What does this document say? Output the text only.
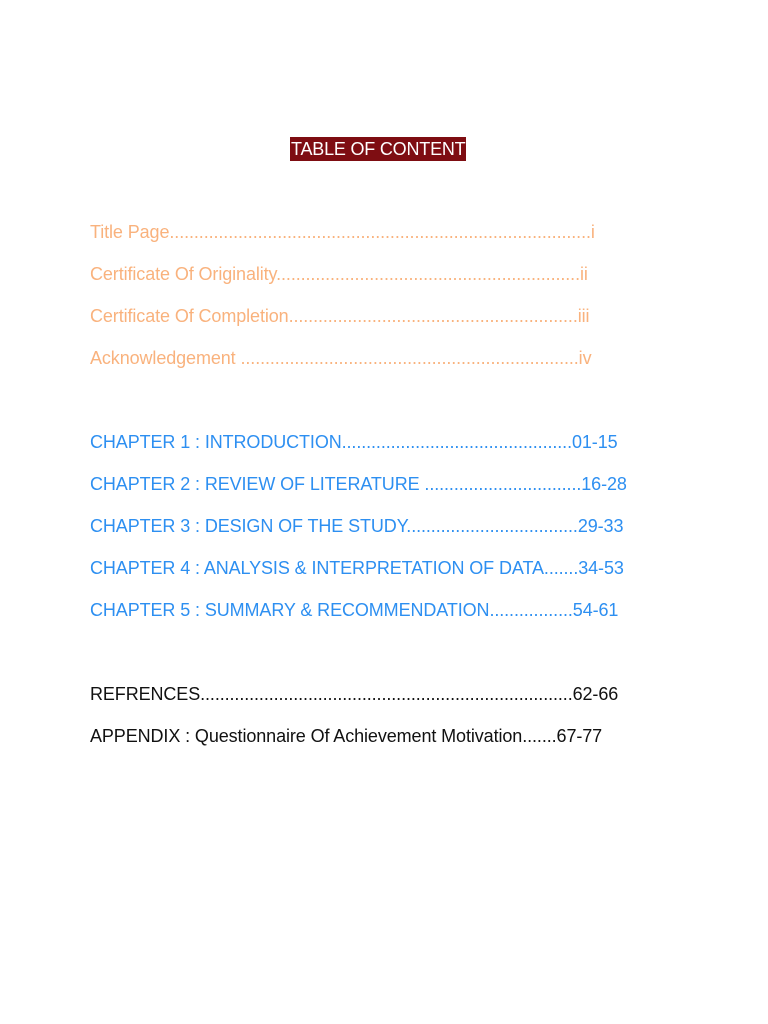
TABLE OF CONTENT
Title Page......................................................................................i
Certificate Of Originality..............................................................ii
Certificate Of Completion...........................................................iii
Acknowledgement .....................................................................iv
CHAPTER 1 : INTRODUCTION...............................................01-15
CHAPTER 2 : REVIEW OF LITERATURE ................................16-28
CHAPTER 3 : DESIGN OF THE STUDY...................................29-33
CHAPTER 4 : ANALYSIS & INTERPRETATION OF DATA.......34-53
CHAPTER 5 : SUMMARY & RECOMMENDATION.................54-61
REFRENCES............................................................................62-66
APPENDIX : Questionnaire Of Achievement Motivation.......67-77
